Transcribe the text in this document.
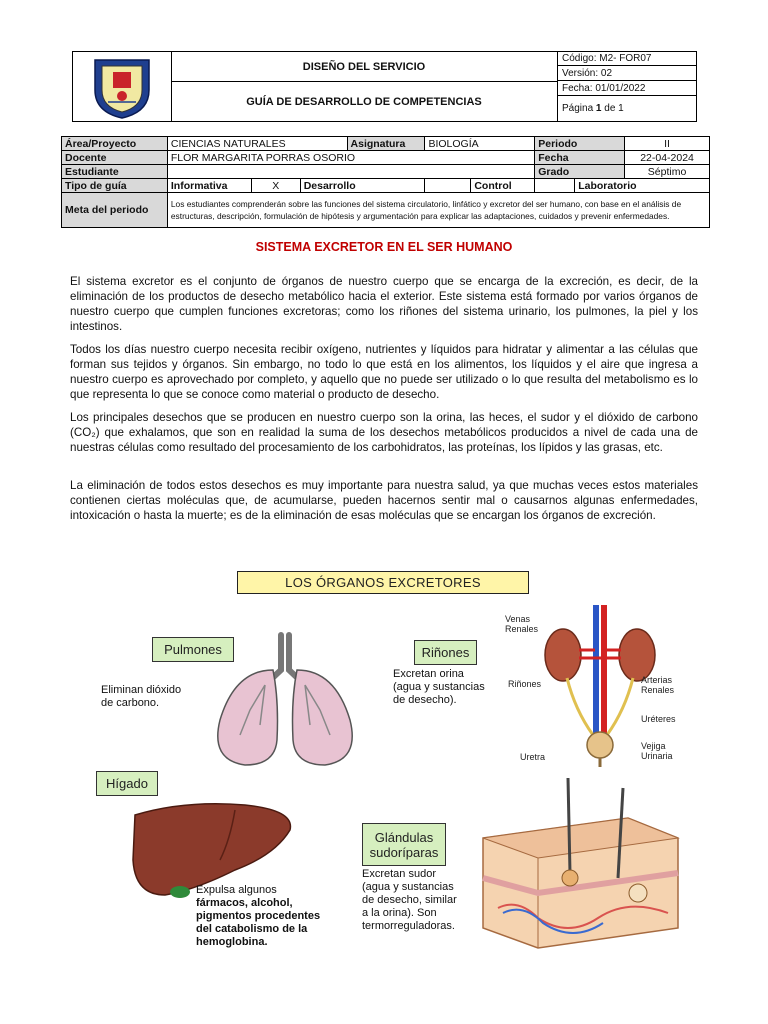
DISEÑO DEL SERVICIO
GUÍA DE DESARROLLO DE COMPETENCIAS
Código: M2- FOR07
Versión: 02
Fecha: 01/01/2022
Página 1 de 1
Área/Proyecto	CIENCIAS NATURALES			Asignatura	BIOLOGÍA		Periodo		II
Docente	FLOR MARGARITA PORRAS OSORIO						Fecha		22-04-2024
Estudiante							Grado		Séptimo
Tipo de guía	Informativa	X	Desarrollo			Control		Laboratorio	
Meta del periodo	Los estudiantes comprenderán sobre las funciones del sistema circulatorio, linfático y excretor del ser humano, con base en el análisis de estructuras, descripción, formulación de hipótesis y argumentación para explicar las adaptaciones, cuidados y prevenir enfermedades.								
SISTEMA EXCRETOR EN EL SER HUMANO

El sistema excretor es el conjunto de órganos de nuestro cuerpo que se encarga de la excreción, es decir, de la eliminación de los productos de desecho metabólico hacia el exterior. Este sistema está formado por varios órganos de nuestro cuerpo que cumplen funciones excretoras; como los riñones del sistema urinario, los pulmones, la piel y los intestinos.

Todos los días nuestro cuerpo necesita recibir oxígeno, nutrientes y líquidos para hidratar y alimentar a las células que forman sus tejidos y órganos. Sin embargo, no todo lo que está en los alimentos, los líquidos y el aire que ingresa a nuestro cuerpo es aprovechado por completo, y aquello que no puede ser utilizado o lo que resulta del metabolismo es lo que representa lo que se conoce como material o producto de desecho.

Los principales desechos que se producen en nuestro cuerpo son la orina, las heces, el sudor y el dióxido de carbono (CO₂) que exhalamos, que son en realidad la suma de los desechos metabólicos producidos a nivel de cada una de nuestras células como resultado del procesamiento de los carbohidratos, las proteínas, los lípidos y las grasas, etc.

La eliminación de todos estos desechos es muy importante para nuestra salud, ya que muchas veces estos materiales contienen ciertas moléculas que, de acumularse, pueden hacernos sentir mal o causarnos algunas enfermedades, intoxicación o hasta la muerte; es de la eliminación de esas moléculas que se encargan los órganos de excreción.

LOS ÓRGANOS EXCRETORES
Pulmones
Eliminan dióxido
de carbono.
Riñones
Excretan orina
(agua y sustancias
de desecho).
Venas
Renales
Riñones	Arterias
Renales
Uréteres
Vejiga
Urinaria
Uretra
Hígado
Expulsa algunos
fármacos, alcohol,
pigmentos procedentes
del catabolismo de la
hemoglobina.
Glándulas
sudoríparas
Excretan sudor
(agua y sustancias
de desecho, similar
a la orina). Son
termorreguladoras.
